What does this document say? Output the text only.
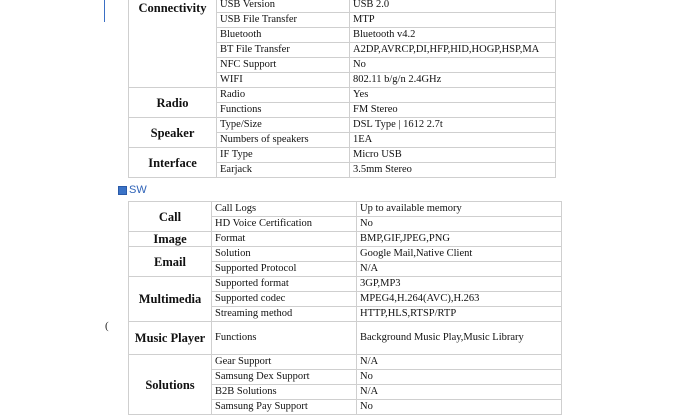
(
Connectivity	USB Version	USB 2.0
	USB File Transfer	MTP
	Bluetooth	Bluetooth v4.2
	BT File Transfer	A2DP,AVRCP,DI,HFP,HID,HOGP,HSP,MA
	NFC Support	No
	WIFI	802.11 b/g/n 2.4GHz
Radio	Radio	Yes
	Functions	FM Stereo
Speaker	Type/Size	DSL Type | 1612 2.7t
	Numbers of speakers	1EA
Interface	IF Type	Micro USB
	Earjack	3.5mm Stereo
SW
Call	Call Logs	Up to available memory
	HD Voice Certification	No
Image	Format	BMP,GIF,JPEG,PNG
Email	Solution	Google Mail,Native Client
	Supported Protocol	N/A
Multimedia	Supported format	3GP,MP3
	Supported codec	MPEG4,H.264(AVC),H.263
	Streaming method	HTTP,HLS,RTSP/RTP
Music Player	Functions	Background Music Play,Music Library
Solutions	Gear Support	N/A
	Samsung Dex Support	No
	B2B Solutions	N/A
	Samsung Pay Support	No
